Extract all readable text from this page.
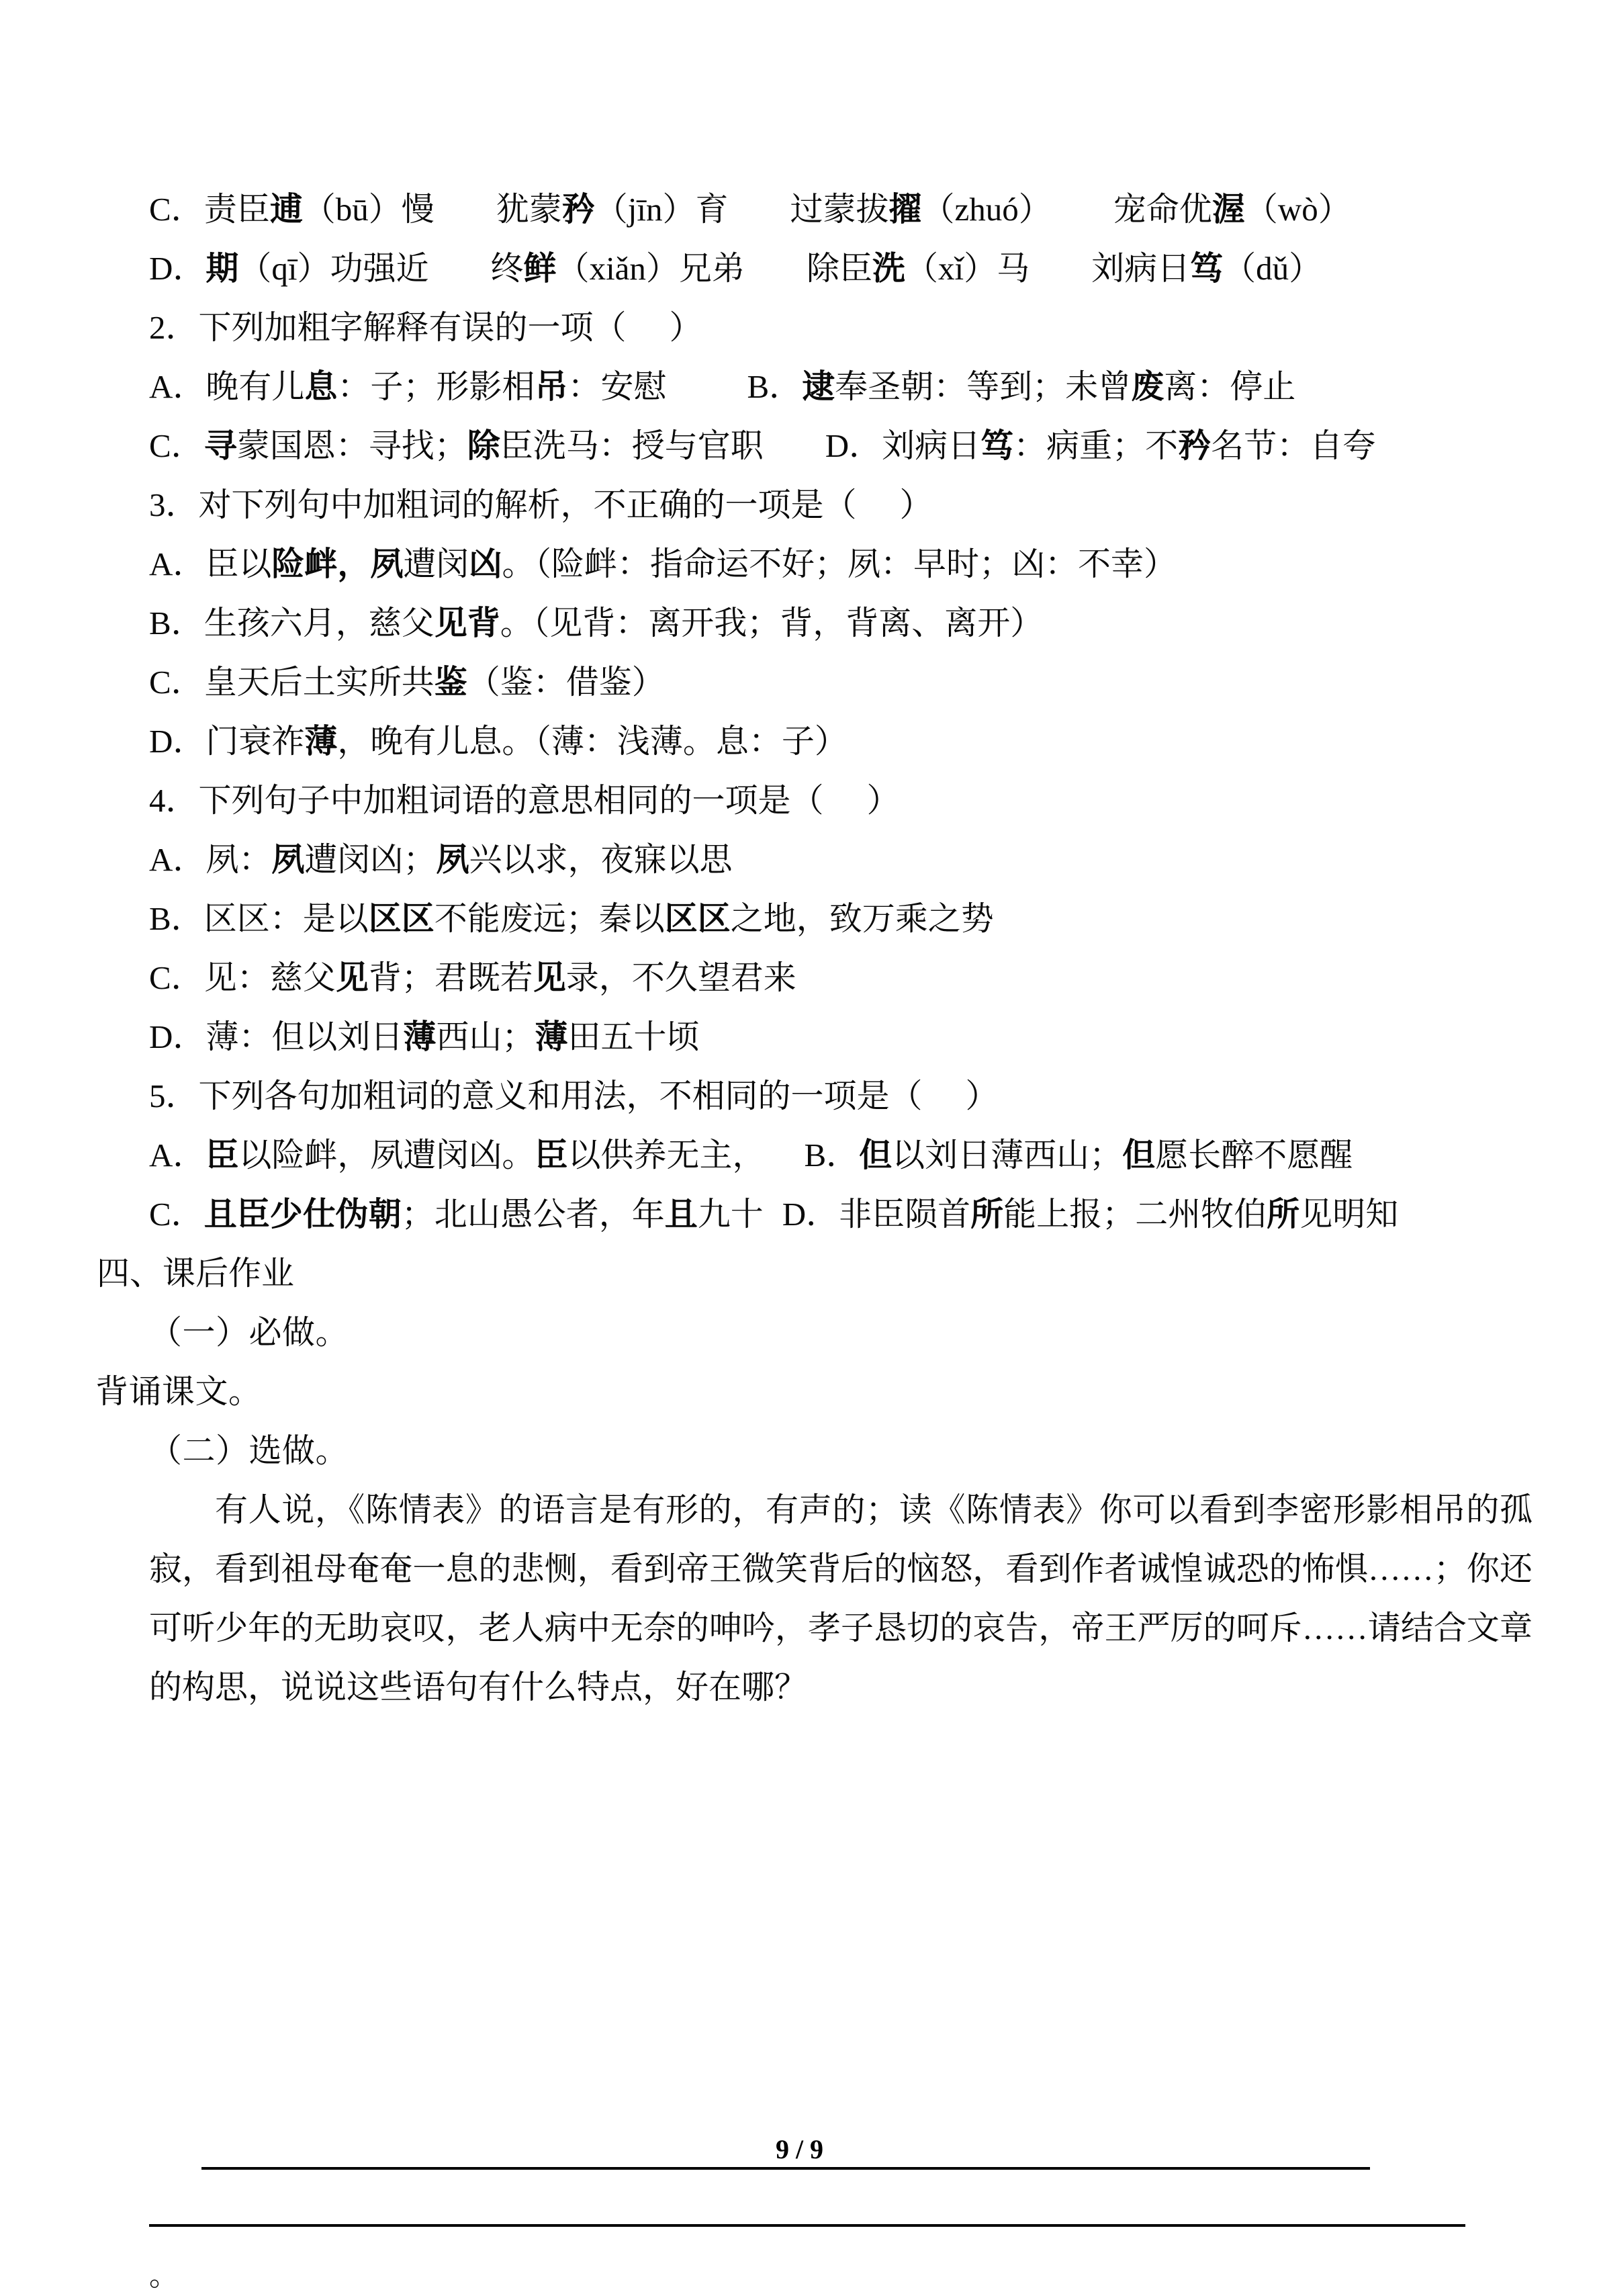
C．责臣逋（bū）慢 犹蒙矜（jīn）育 过蒙拔擢（zhuó） 宠命优渥（wò）
D．期（qī）功强近 终鲜（xiǎn）兄弟 除臣洗（xǐ）马 刘病日笃（dǔ）
2．下列加粗字解释有误的一项（ ）
A．晚有儿息：子；形影相吊：安慰 B．逮奉圣朝：等到；未曾废离：停止
C．寻蒙国恩：寻找；除臣洗马：授与官职 D．刘病日笃：病重；不矜名节：自夸
3．对下列句中加粗词的解析，不正确的一项是（ ）
A．臣以险衅，夙遭闵凶。（险衅：指命运不好；夙：早时；凶：不幸）
B．生孩六月，慈父见背。（见背：离开我；背，背离、离开）
C．皇天后土实所共鉴（鉴：借鉴）
D．门衰祚薄，晚有儿息。（薄：浅薄。息：子）
4．下列句子中加粗词语的意思相同的一项是（ ）
A．夙：夙遭闵凶；夙兴以求，夜寐以思
B．区区：是以区区不能废远；秦以区区之地，致万乘之势
C．见：慈父见背；君既若见录，不久望君来
D．薄：但以刘日薄西山；薄田五十顷
5．下列各句加粗词的意义和用法，不相同的一项是（ ）
A．臣以险衅，夙遭闵凶。臣以供养无主， B．但以刘日薄西山；但愿长醉不愿醒
C．且臣少仕伪朝；北山愚公者，年且九十 D．非臣陨首所能上报；二州牧伯所见明知
四、课后作业
（一）必做。
背诵课文。
（二）选做。
有人说，《陈情表》的语言是有形的，有声的；读《陈情表》你可以看到李密形影相吊的孤寂，看到祖母奄奄一息的悲恻，看到帝王微笑背后的恼怒，看到作者诚惶诚恐的怖惧……；你还可听少年的无助哀叹，老人病中无奈的呻吟，孝子恳切的哀告，帝王严厉的呵斥……请结合文章的构思，说说这些语句有什么特点，好在哪？
。
9 / 9
